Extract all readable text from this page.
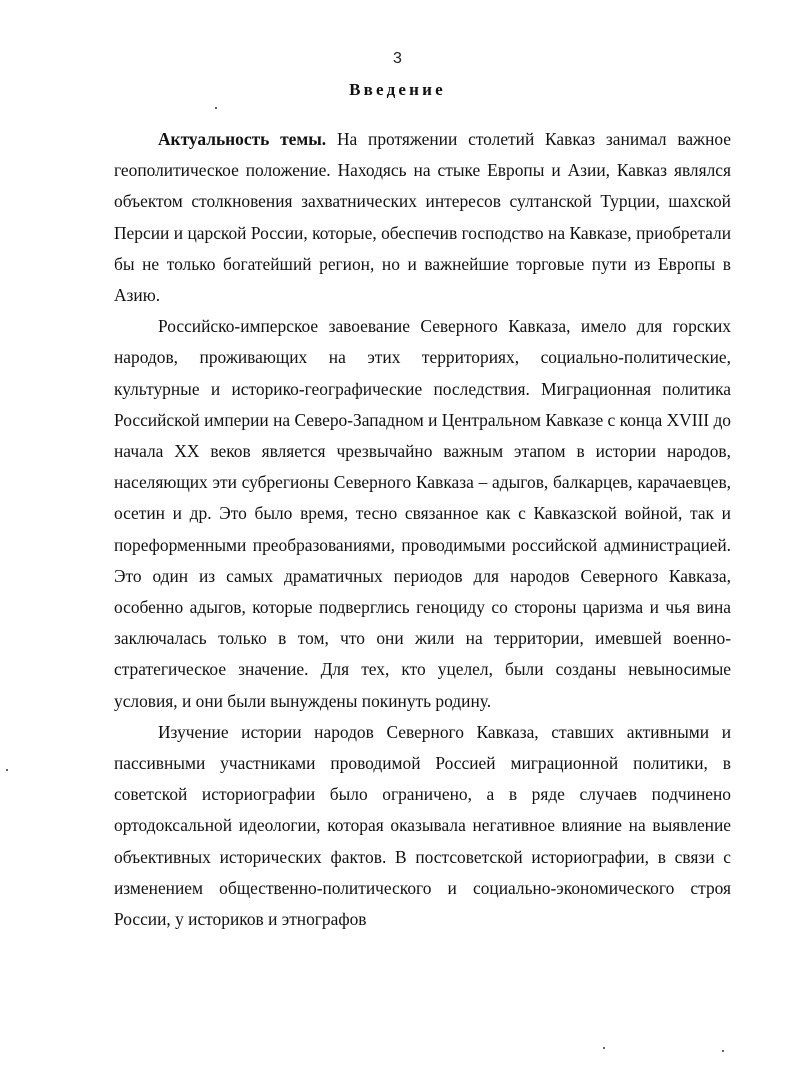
3
Введение

Актуальность темы. На протяжении столетий Кавказ занимал важное геополитическое положение. Находясь на стыке Европы и Азии, Кавказ являлся объектом столкновения захватнических интересов султанской Турции, шахской Персии и царской России, которые, обеспечив господство на Кавказе, приобретали бы не только богатейший регион, но и важнейшие торговые пути из Европы в Азию.

Российско-имперское завоевание Северного Кавказа, имело для горских народов, проживающих на этих территориях, социально-политические, культурные и историко-географические последствия. Миграционная политика Российской империи на Северо-Западном и Центральном Кавказе с конца XVIII до начала XX веков является чрезвычайно важным этапом в истории народов, населяющих эти субрегионы Северного Кавказа – адыгов, балкарцев, карачаевцев, осетин и др. Это было время, тесно связанное как с Кавказской войной, так и пореформенными преобразованиями, проводимыми российской администрацией. Это один из самых драматичных периодов для народов Северного Кавказа, особенно адыгов, которые подверглись геноциду со стороны царизма и чья вина заключалась только в том, что они жили на территории, имевшей военно-стратегическое значение. Для тех, кто уцелел, были созданы невыносимые условия, и они были вынуждены покинуть родину.

Изучение истории народов Северного Кавказа, ставших активными и пассивными участниками проводимой Россией миграционной политики, в советской историографии было ограничено, а в ряде случаев подчинено ортодоксальной идеологии, которая оказывала негативное влияние на выявление объективных исторических фактов. В постсоветской историографии, в связи с изменением общественно-политического и социально-экономического строя России, у историков и этнографов
